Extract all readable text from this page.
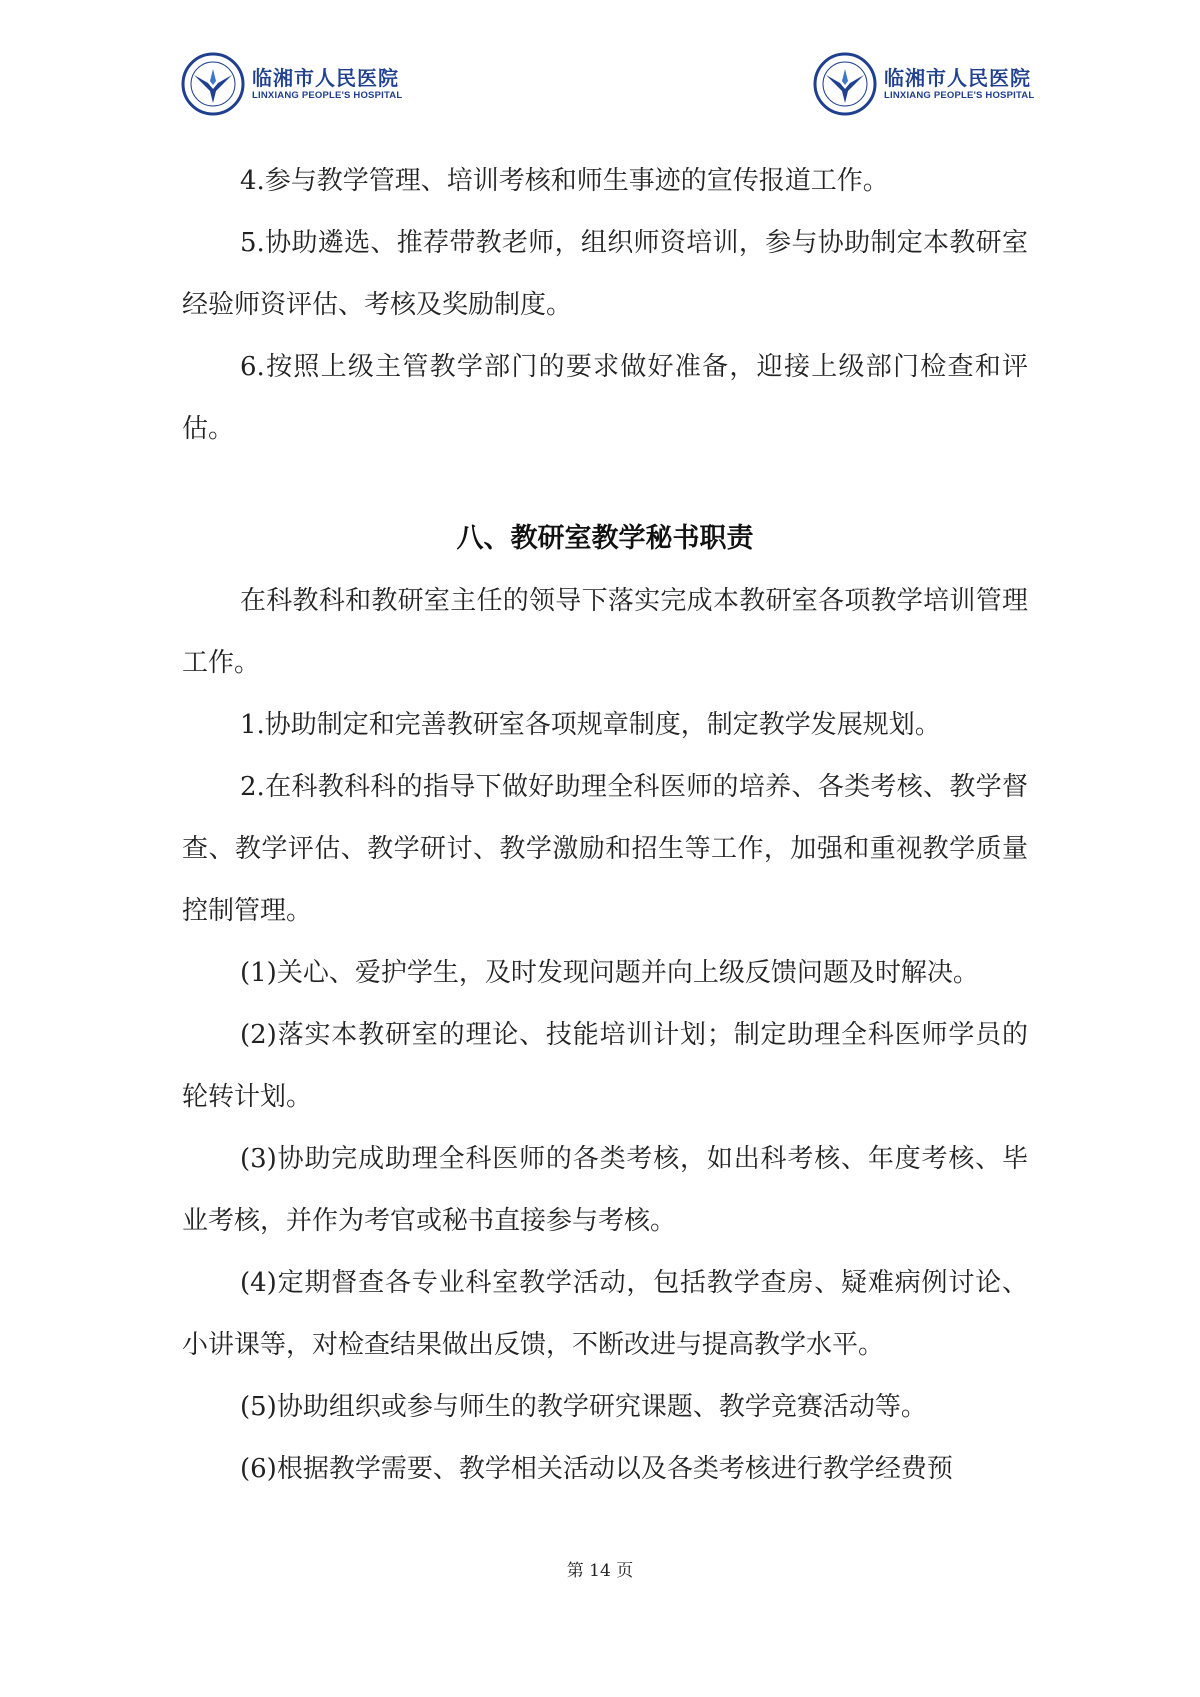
临湘市人民医院
LINXIANG PEOPLE'S HOSPITAL
临湘市人民医院
LINXIANG PEOPLE'S HOSPITAL

4.参与教学管理、培训考核和师生事迹的宣传报道工作。

5.协助遴选、推荐带教老师，组织师资培训，参与协助制定本教研室 经验师资评估、考核及奖励制度。

6.按照上级主管教学部门的要求做好准备，迎接上级部门检查和评估。

八、教研室教学秘书职责

在科教科和教研室主任的领导下落实完成本教研室各项教学培训管理工作。

1.协助制定和完善教研室各项规章制度，制定教学发展规划。

2.在科教科科的指导下做好助理全科医师的培养、各类考核、教学督查、教学评估、教学研讨、教学激励和招生等工作，加强和重视教学质量控制管理。

(1)关心、爱护学生，及时发现问题并向上级反馈问题及时解决。

(2)落实本教研室的理论、技能培训计划；制定助理全科医师学员的轮转计划。

(3)协助完成助理全科医师的各类考核，如出科考核、年度考核、毕业考核，并作为考官或秘书直接参与考核。

(4)定期督查各专业科室教学活动，包括教学查房、疑难病例讨论、小讲课等，对检查结果做出反馈，不断改进与提高教学水平。

(5)协助组织或参与师生的教学研究课题、教学竞赛活动等。

(6)根据教学需要、教学相关活动以及各类考核进行教学经费预

第 14 页
